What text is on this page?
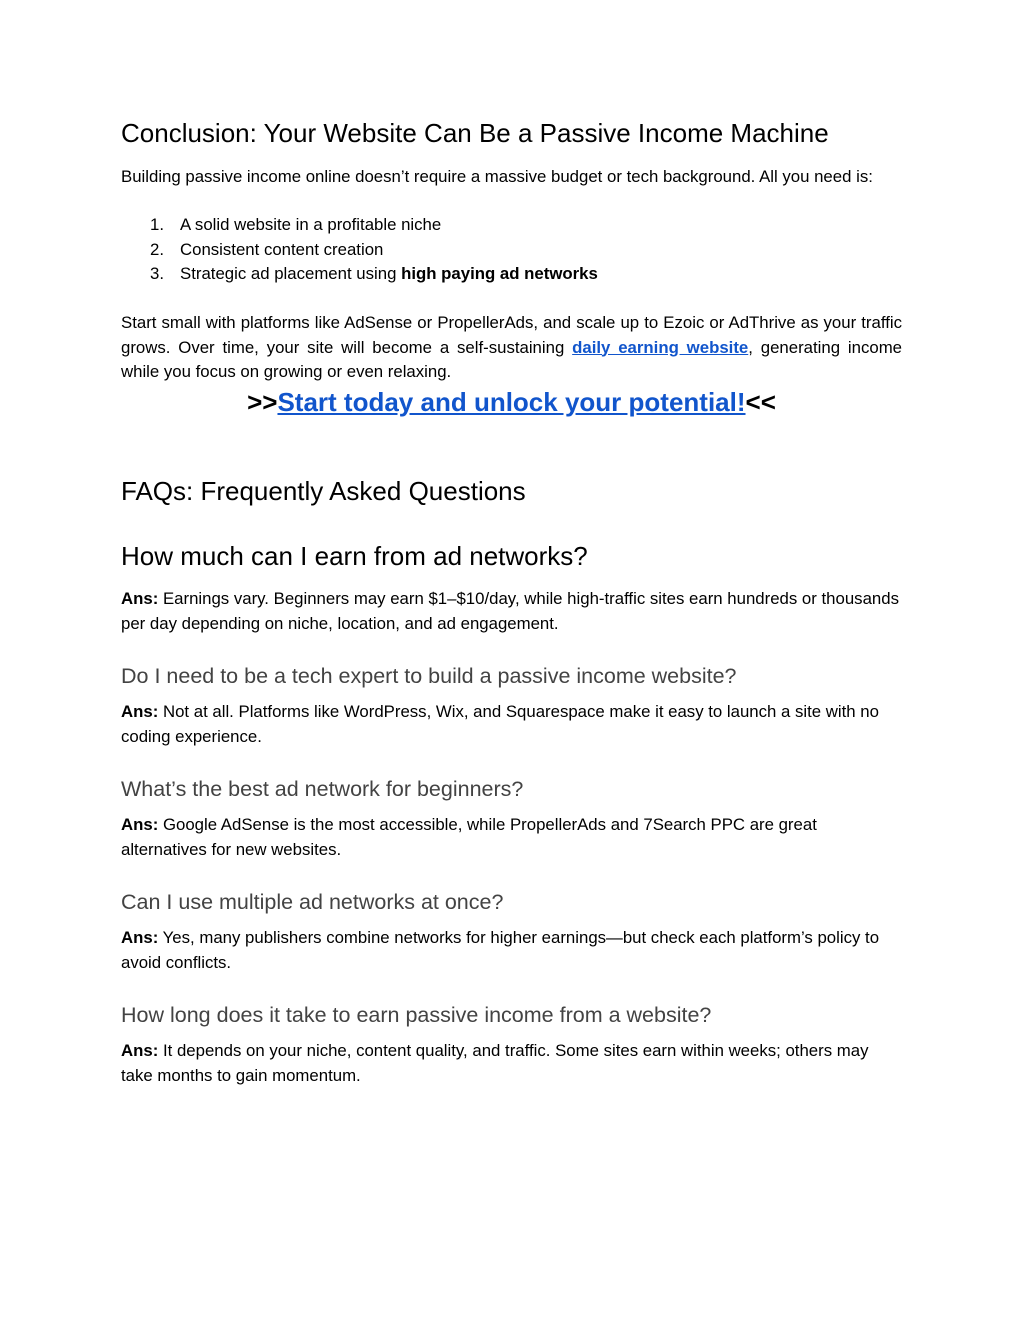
Conclusion: Your Website Can Be a Passive Income Machine

Building passive income online doesn’t require a massive budget or tech background. All you need is:

1. A solid website in a profitable niche
2. Consistent content creation
3. Strategic ad placement using high paying ad networks

Start small with platforms like AdSense or PropellerAds, and scale up to Ezoic or AdThrive as your traffic grows. Over time, your site will become a self-sustaining daily earning website, generating income while you focus on growing or even relaxing.

>>Start today and unlock your potential!<<

FAQs: Frequently Asked Questions
How much can I earn from ad networks?

Ans: Earnings vary. Beginners may earn $1–$10/day, while high-traffic sites earn hundreds or thousands per day depending on niche, location, and ad engagement.

Do I need to be a tech expert to build a passive income website?

Ans: Not at all. Platforms like WordPress, Wix, and Squarespace make it easy to launch a site with no coding experience.

What’s the best ad network for beginners?

Ans: Google AdSense is the most accessible, while PropellerAds and 7Search PPC are great alternatives for new websites.

Can I use multiple ad networks at once?

Ans: Yes, many publishers combine networks for higher earnings—but check each platform’s policy to avoid conflicts.

How long does it take to earn passive income from a website?

Ans: It depends on your niche, content quality, and traffic. Some sites earn within weeks; others may take months to gain momentum.
